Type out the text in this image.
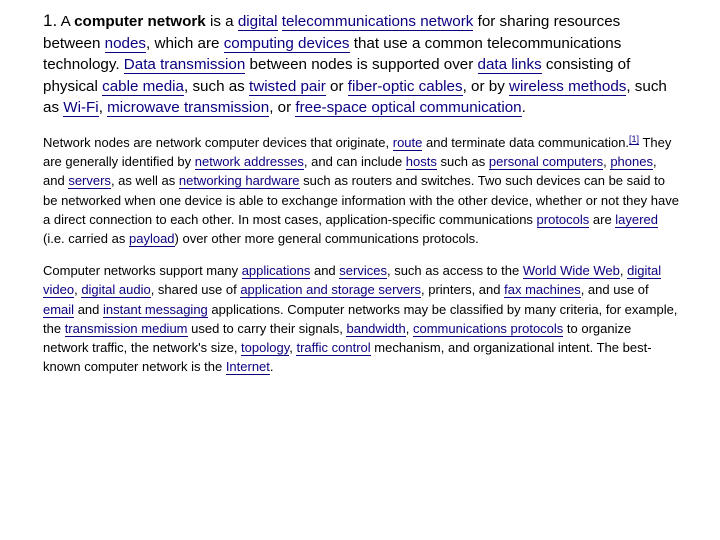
1. A computer network is a digital telecommunications network for sharing resources between nodes, which are computing devices that use a common telecommunications technology. Data transmission between nodes is supported over data links consisting of physical cable media, such as twisted pair or fiber-optic cables, or by wireless methods, such as Wi-Fi, microwave transmission, or free-space optical communication.

Network nodes are network computer devices that originate, route and terminate data communication.[1] They are generally identified by network addresses, and can include hosts such as personal computers, phones, and servers, as well as networking hardware such as routers and switches. Two such devices can be said to be networked when one device is able to exchange information with the other device, whether or not they have a direct connection to each other. In most cases, application-specific communications protocols are layered (i.e. carried as payload) over other more general communications protocols.

Computer networks support many applications and services, such as access to the World Wide Web, digital video, digital audio, shared use of application and storage servers, printers, and fax machines, and use of email and instant messaging applications. Computer networks may be classified by many criteria, for example, the transmission medium used to carry their signals, bandwidth, communications protocols to organize network traffic, the network's size, topology, traffic control mechanism, and organizational intent. The best-known computer network is the Internet.
